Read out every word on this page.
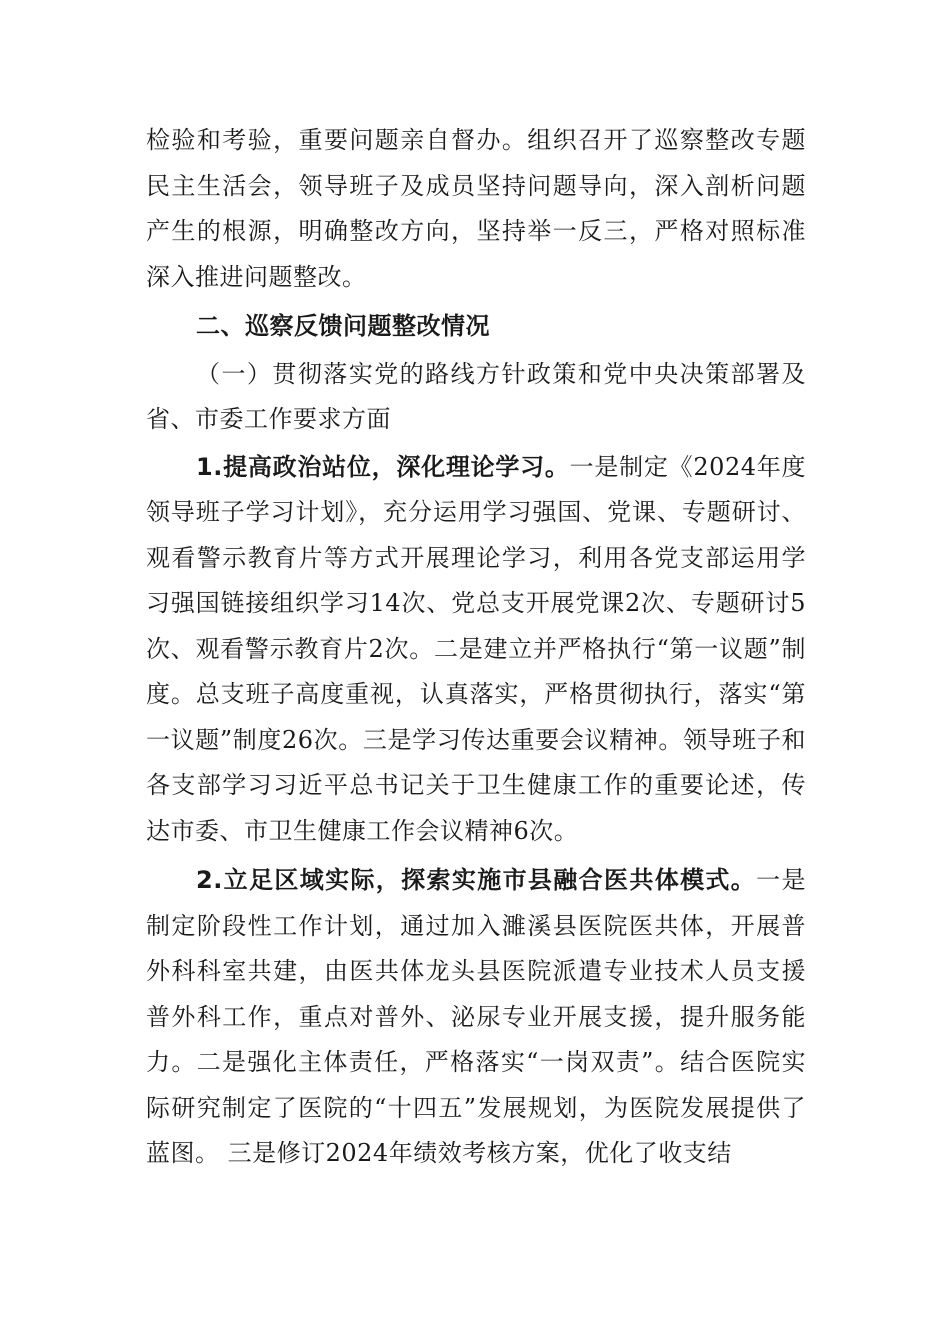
检验和考验，重要问题亲自督办。组织召开了巡察整改专题民主生活会，领导班子及成员坚持问题导向，深入剖析问题产生的根源，明确整改方向，坚持举一反三，严格对照标准深入推进问题整改。

二、巡察反馈问题整改情况

（一）贯彻落实党的路线方针政策和党中央决策部署及省、市委工作要求方面

1.提高政治站位，深化理论学习。一是制定《2024年度领导班子学习计划》，充分运用学习强国、党课、专题研讨、观看警示教育片等方式开展理论学习，利用各党支部运用学习强国链接组织学习14次、党总支开展党课2次、专题研讨5次、观看警示教育片2次。二是建立并严格执行“第一议题”制度。总支班子高度重视，认真落实，严格贯彻执行，落实“第一议题”制度26次。三是学习传达重要会议精神。领导班子和各支部学习习近平总书记关于卫生健康工作的重要论述，传达市委、市卫生健康工作会议精神6次。

2.立足区域实际，探索实施市县融合医共体模式。一是制定阶段性工作计划，通过加入濉溪县医院医共体，开展普外科科室共建，由医共体龙头县医院派遣专业技术人员支援普外科工作，重点对普外、泌尿专业开展支援，提升服务能力。二是强化主体责任，严格落实“一岗双责”。结合医院实际研究制定了医院的“十四五”发展规划，为医院发展提供了蓝图。 三是修订2024年绩效考核方案，优化了收支结
